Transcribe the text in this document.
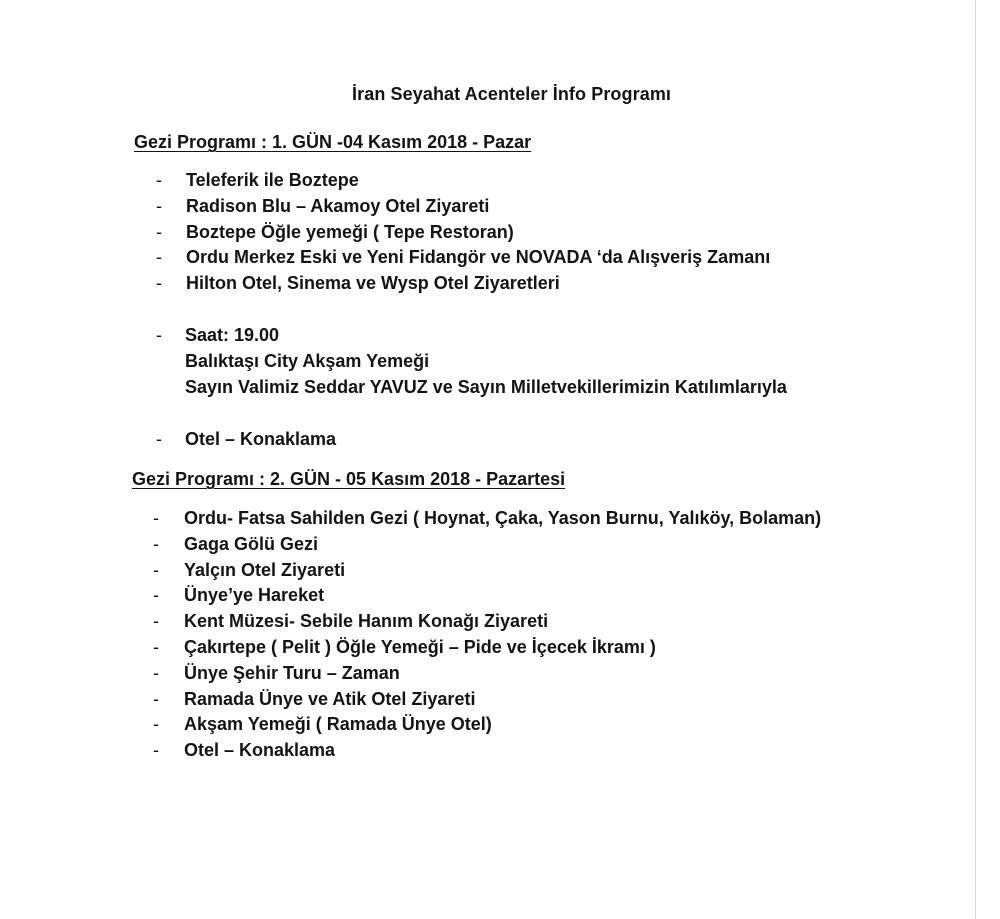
İran Seyahat Acenteler İnfo Programı
Gezi Programı : 1. GÜN -04 Kasım 2018 - Pazar
- Teleferik ile Boztepe
- Radison Blu – Akamoy Otel Ziyareti
- Boztepe Öğle yemeği ( Tepe Restoran)
- Ordu Merkez Eski ve Yeni Fidangör ve NOVADA ‘da Alışveriş Zamanı
- Hilton Otel, Sinema ve Wysp Otel Ziyaretleri
- Saat: 19.00
Balıktaşı City Akşam Yemeği
Sayın Valimiz Seddar YAVUZ ve Sayın Milletvekillerimizin Katılımlarıyla
- Otel – Konaklama
Gezi Programı : 2. GÜN - 05 Kasım 2018 - Pazartesi
- Ordu- Fatsa Sahilden Gezi ( Hoynat, Çaka, Yason Burnu, Yalıköy, Bolaman)
- Gaga Gölü Gezi
- Yalçın Otel Ziyareti
- Ünye’ye Hareket
- Kent Müzesi- Sebile Hanım Konağı Ziyareti
- Çakırtepe ( Pelit ) Öğle Yemeği – Pide ve İçecek İkramı )
- Ünye Şehir Turu – Zaman
- Ramada Ünye ve Atik Otel Ziyareti
- Akşam Yemeği ( Ramada Ünye Otel)
- Otel – Konaklama
